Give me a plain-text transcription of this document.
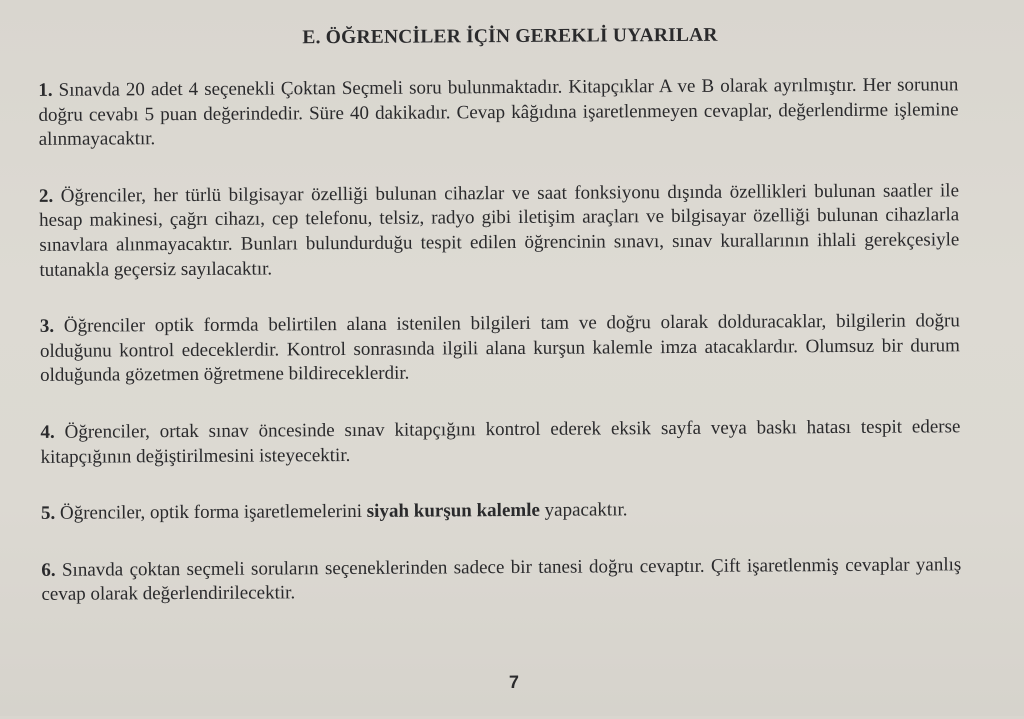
E. ÖĞRENCİLER İÇİN GEREKLİ UYARILAR

1. Sınavda 20 adet 4 seçenekli Çoktan Seçmeli soru bulunmaktadır. Kitapçıklar A ve B olarak ayrılmıştır. Her sorunun doğru cevabı 5 puan değerindedir. Süre 40 dakikadır. Cevap kâğıdına işaretlenmeyen cevaplar, değerlendirme işlemine alınmayacaktır.

2. Öğrenciler, her türlü bilgisayar özelliği bulunan cihazlar ve saat fonksiyonu dışında özellikleri bulunan saatler ile hesap makinesi, çağrı cihazı, cep telefonu, telsiz, radyo gibi iletişim araçları ve bilgisayar özelliği bulunan cihazlarla sınavlara alınmayacaktır. Bunları bulundurduğu tespit edilen öğrencinin sınavı, sınav kurallarının ihlali gerekçesiyle tutanakla geçersiz sayılacaktır.

3. Öğrenciler optik formda belirtilen alana istenilen bilgileri tam ve doğru olarak dolduracaklar, bilgilerin doğru olduğunu kontrol edeceklerdir. Kontrol sonrasında ilgili alana kurşun kalemle imza atacaklardır. Olumsuz bir durum olduğunda gözetmen öğretmene bildireceklerdir.

4. Öğrenciler, ortak sınav öncesinde sınav kitapçığını kontrol ederek eksik sayfa veya baskı hatası tespit ederse kitapçığının değiştirilmesini isteyecektir.

5. Öğrenciler, optik forma işaretlemelerini siyah kurşun kalemle yapacaktır.

6. Sınavda çoktan seçmeli soruların seçeneklerinden sadece bir tanesi doğru cevaptır. Çift işaretlenmiş cevaplar yanlış cevap olarak değerlendirilecektir.

7
